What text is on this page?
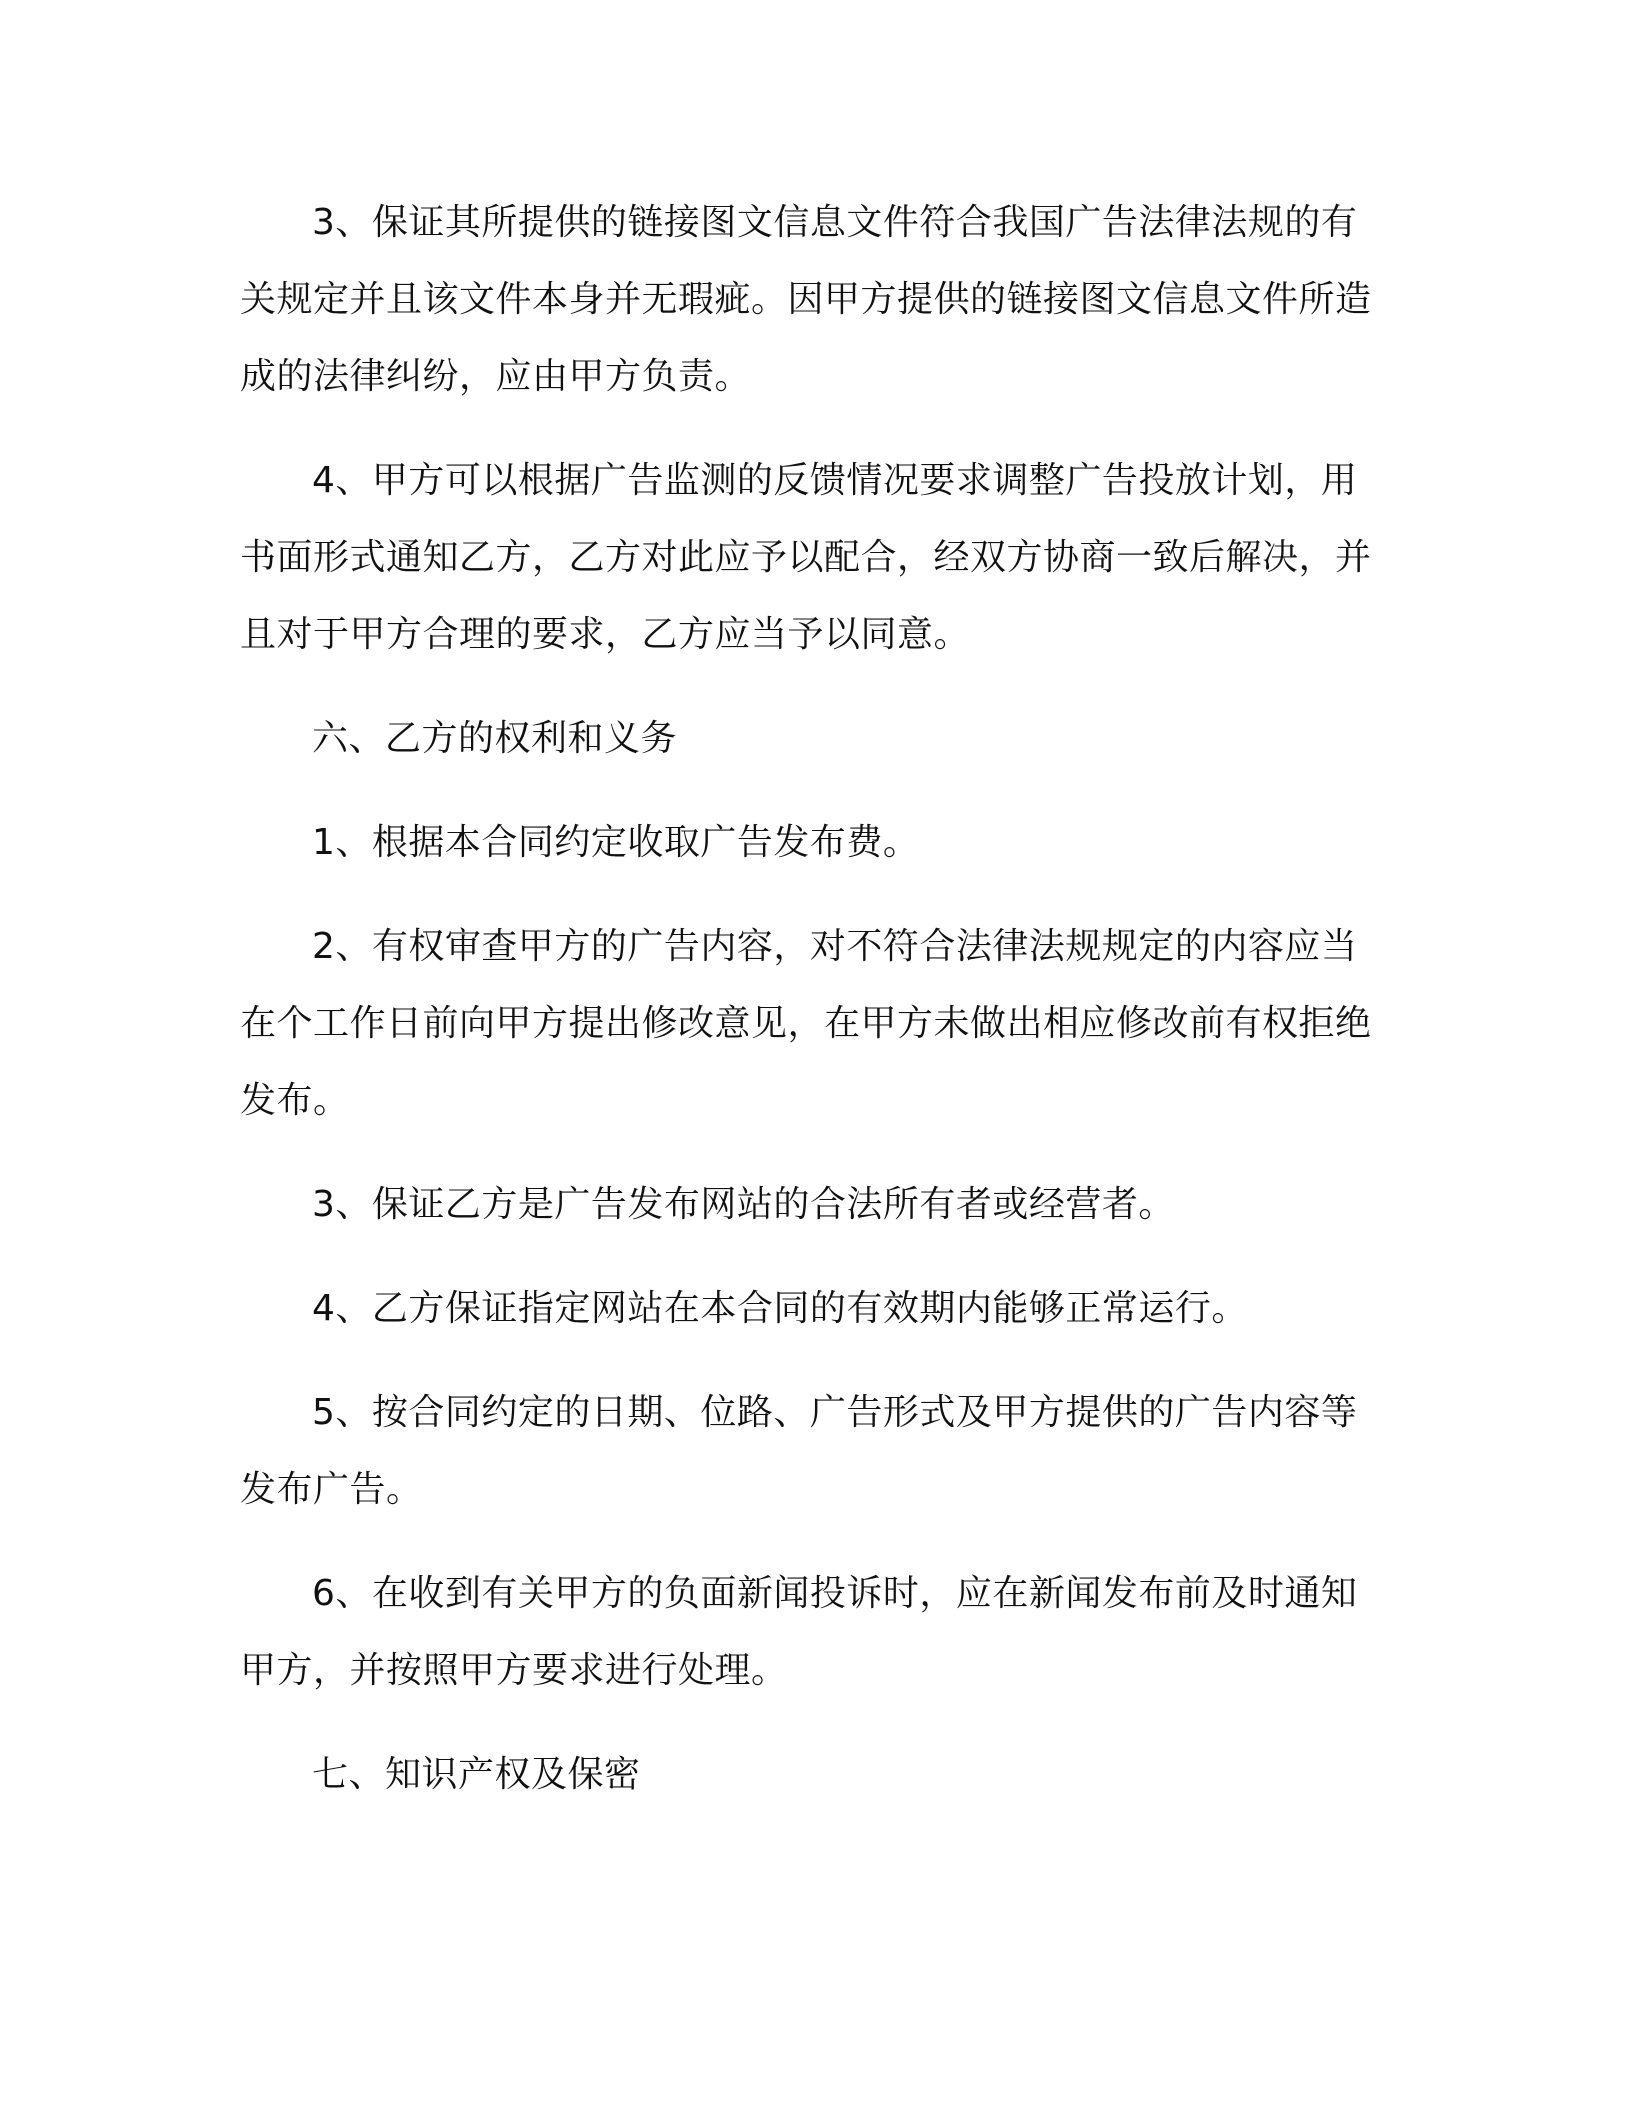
3、保证其所提供的链接图文信息文件符合我国广告法律法规的有关规定并且该文件本身并无瑕疵。因甲方提供的链接图文信息文件所造成的法律纠纷，应由甲方负责。

4、甲方可以根据广告监测的反馈情况要求调整广告投放计划，用书面形式通知乙方，乙方对此应予以配合，经双方协商一致后解决，并且对于甲方合理的要求，乙方应当予以同意。

六、乙方的权利和义务

1、根据本合同约定收取广告发布费。

2、有权审查甲方的广告内容，对不符合法律法规规定的内容应当在个工作日前向甲方提出修改意见，在甲方未做出相应修改前有权拒绝发布。

3、保证乙方是广告发布网站的合法所有者或经营者。

4、乙方保证指定网站在本合同的有效期内能够正常运行。

5、按合同约定的日期、位路、广告形式及甲方提供的广告内容等发布广告。

6、在收到有关甲方的负面新闻投诉时，应在新闻发布前及时通知甲方，并按照甲方要求进行处理。

七、知识产权及保密
